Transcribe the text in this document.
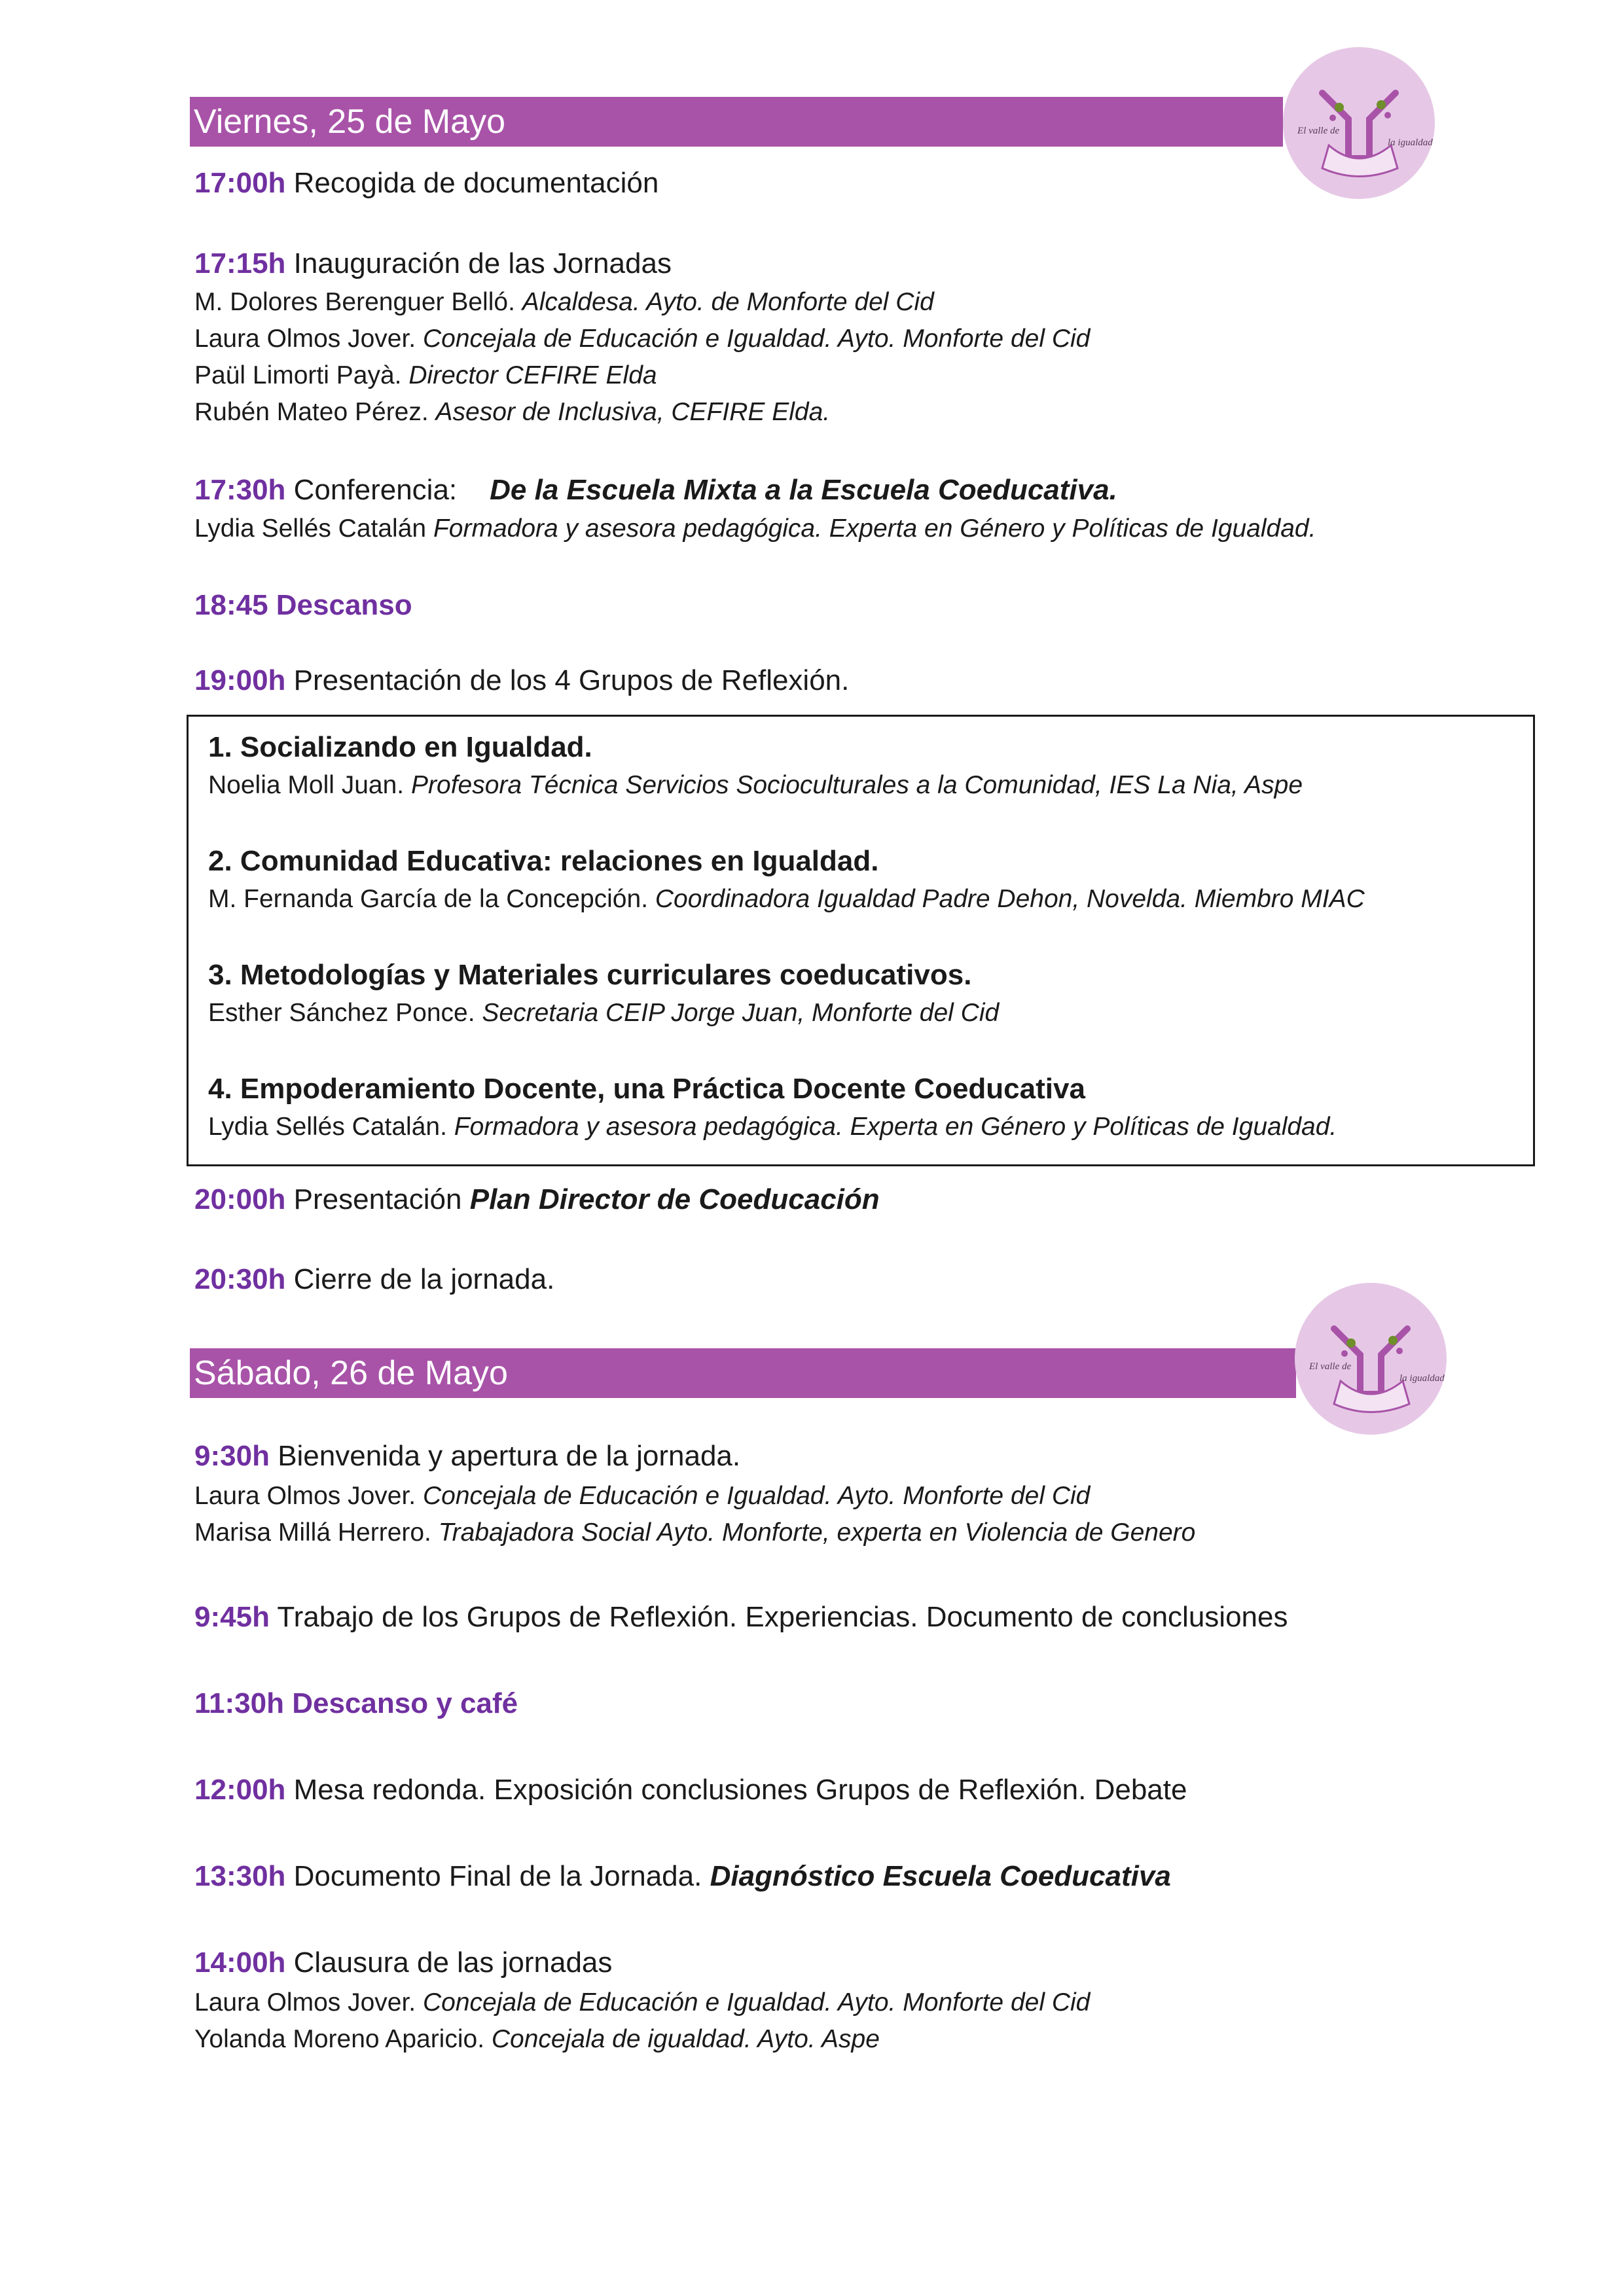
Viernes, 25 de Mayo	El valle de
la igualdad
17:00h Recogida de documentación
17:15h Inauguración de las Jornadas
M. Dolores Berenguer Belló. Alcaldesa. Ayto. de Monforte del Cid
Laura Olmos Jover. Concejala de Educación e Igualdad. Ayto. Monforte del Cid
Paül Limorti Payà. Director CEFIRE Elda
Rubén Mateo Pérez. Asesor de Inclusiva, CEFIRE Elda.
17:30h Conferencia: De la Escuela Mixta a la Escuela Coeducativa.
Lydia Sellés Catalán Formadora y asesora pedagógica. Experta en Género y Políticas de Igualdad.
18:45 Descanso
19:00h Presentación de los 4 Grupos de Reflexión.
1. Socializando en Igualdad.
Noelia Moll Juan. Profesora Técnica Servicios Socioculturales a la Comunidad, IES La Nia, Aspe
2. Comunidad Educativa: relaciones en Igualdad.
M. Fernanda García de la Concepción. Coordinadora Igualdad Padre Dehon, Novelda. Miembro MIAC
3. Metodologías y Materiales curriculares coeducativos.
Esther Sánchez Ponce. Secretaria CEIP Jorge Juan, Monforte del Cid
4. Empoderamiento Docente, una Práctica Docente Coeducativa
Lydia Sellés Catalán. Formadora y asesora pedagógica. Experta en Género y Políticas de Igualdad.
20:00h Presentación Plan Director de Coeducación
20:30h Cierre de la jornada.
Sábado, 26 de Mayo	El valle de
la igualdad
9:30h Bienvenida y apertura de la jornada.
Laura Olmos Jover. Concejala de Educación e Igualdad. Ayto. Monforte del Cid
Marisa Millá Herrero. Trabajadora Social Ayto. Monforte, experta en Violencia de Genero
9:45h Trabajo de los Grupos de Reflexión. Experiencias. Documento de conclusiones
11:30h Descanso y café
12:00h Mesa redonda. Exposición conclusiones Grupos de Reflexión. Debate
13:30h Documento Final de la Jornada. Diagnóstico Escuela Coeducativa
14:00h Clausura de las jornadas
Laura Olmos Jover. Concejala de Educación e Igualdad. Ayto. Monforte del Cid
Yolanda Moreno Aparicio. Concejala de igualdad. Ayto. Aspe
